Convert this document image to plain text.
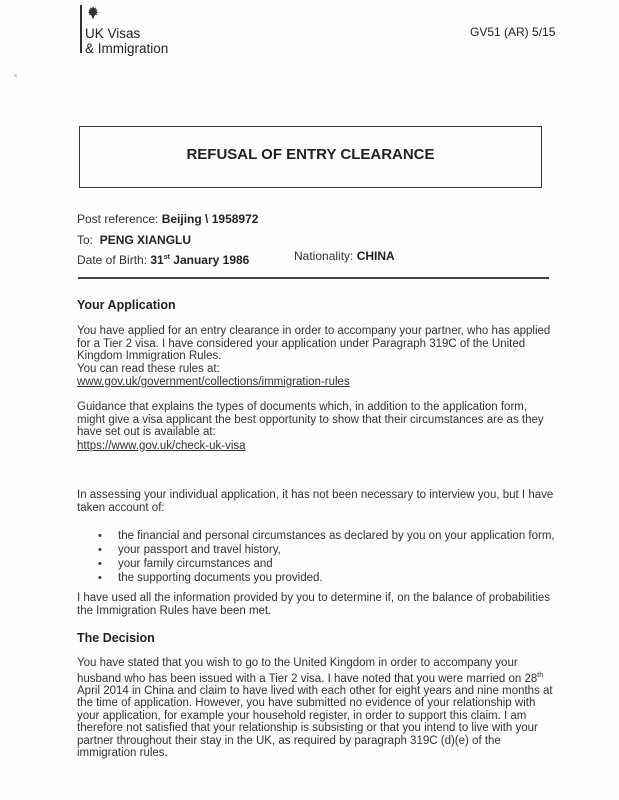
UK Visas
& Immigration
GV51 (AR) 5/15
REFUSAL OF ENTRY CLEARANCE
Post reference: Beijing \ 1958972
To: PENG XIANGLU
Date of Birth: 31st January 1986	Nationality: CHINA
Your Application
You have applied for an entry clearance in order to accompany your partner, who has applied for a Tier 2 visa. I have considered your application under Paragraph 319C of the United Kingdom Immigration Rules.
You can read these rules at:
www.gov.uk/government/collections/immigration-rules
Guidance that explains the types of documents which, in addition to the application form, might give a visa applicant the best opportunity to show that their circumstances are as they have set out is available at:
https://www.gov.uk/check-uk-visa
In assessing your individual application, it has not been necessary to interview you, but I have taken account of:
• the financial and personal circumstances as declared by you on your application form,
• your passport and travel history,
• your family circumstances and
• the supporting documents you provided.
I have used all the information provided by you to determine if, on the balance of probabilities the Immigration Rules have been met.
The Decision
You have stated that you wish to go to the United Kingdom in order to accompany your husband who has been issued with a Tier 2 visa. I have noted that you were married on 28th April 2014 in China and claim to have lived with each other for eight years and nine months at the time of application. However, you have submitted no evidence of your relationship with your application, for example your household register, in order to support this claim. I am therefore not satisfied that your relationship is subsisting or that you intend to live with your partner throughout their stay in the UK, as required by paragraph 319C (d)(e) of the immigration rules.
